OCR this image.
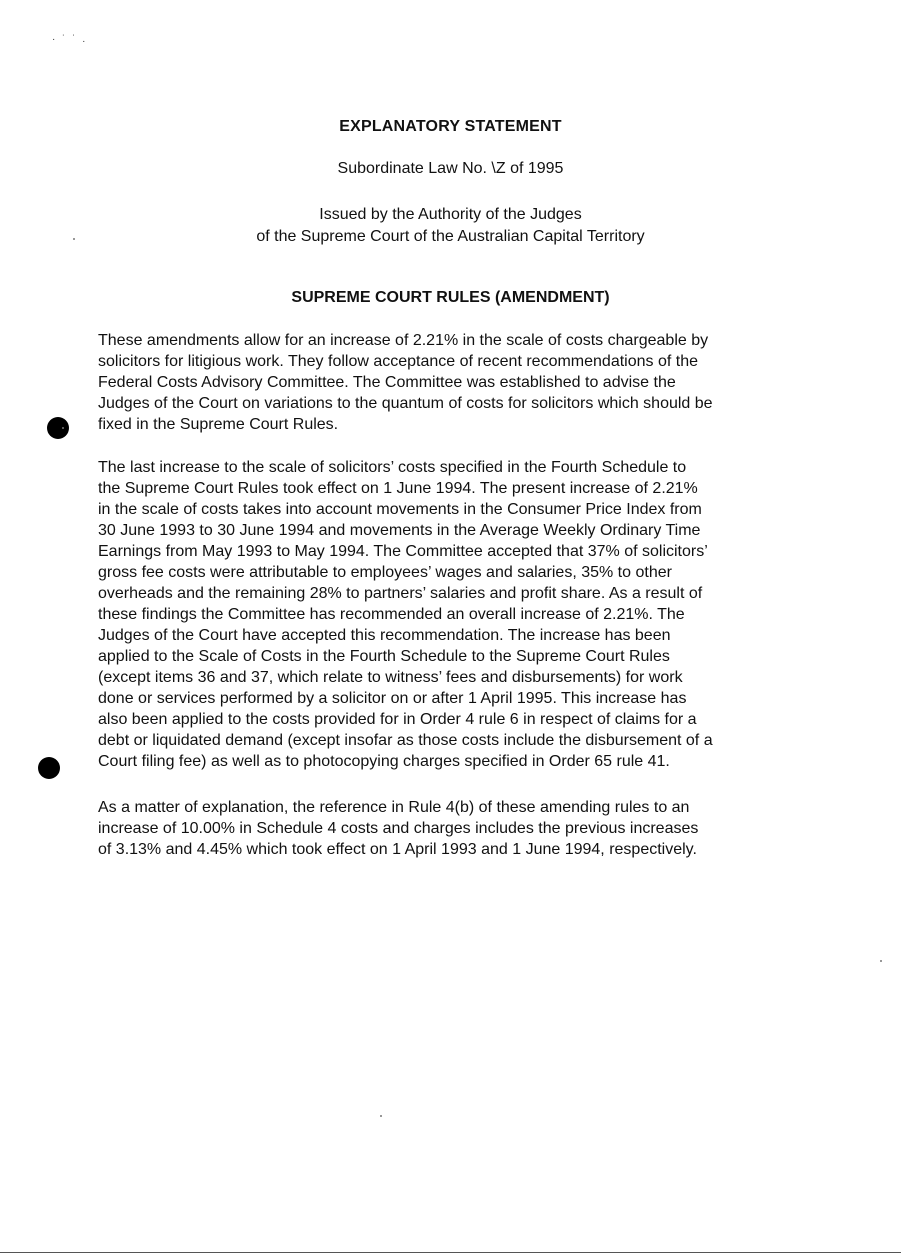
· ˙ ˙ .
EXPLANATORY STATEMENT
Subordinate Law No. \Z of 1995
Issued by the Authority of the Judges
of the Supreme Court of the Australian Capital Territory
SUPREME COURT RULES (AMENDMENT)

These amendments allow for an increase of 2.21% in the scale of costs chargeable by
solicitors for litigious work. They follow acceptance of recent recommendations of the
Federal Costs Advisory Committee. The Committee was established to advise the
Judges of the Court on variations to the quantum of costs for solicitors which should be
fixed in the Supreme Court Rules.

The last increase to the scale of solicitors’ costs specified in the Fourth Schedule to
the Supreme Court Rules took effect on 1 June 1994. The present increase of 2.21%
in the scale of costs takes into account movements in the Consumer Price Index from
30 June 1993 to 30 June 1994 and movements in the Average Weekly Ordinary Time
Earnings from May 1993 to May 1994. The Committee accepted that 37% of solicitors’
gross fee costs were attributable to employees’ wages and salaries, 35% to other
overheads and the remaining 28% to partners’ salaries and profit share. As a result of
these findings the Committee has recommended an overall increase of 2.21%. The
Judges of the Court have accepted this recommendation. The increase has been
applied to the Scale of Costs in the Fourth Schedule to the Supreme Court Rules
(except items 36 and 37, which relate to witness’ fees and disbursements) for work
done or services performed by a solicitor on or after 1 April 1995. This increase has
also been applied to the costs provided for in Order 4 rule 6 in respect of claims for a
debt or liquidated demand (except insofar as those costs include the disbursement of a
Court filing fee) as well as to photocopying charges specified in Order 65 rule 41.

As a matter of explanation, the reference in Rule 4(b) of these amending rules to an
increase of 10.00% in Schedule 4 costs and charges includes the previous increases
of 3.13% and 4.45% which took effect on 1 April 1993 and 1 June 1994, respectively.
